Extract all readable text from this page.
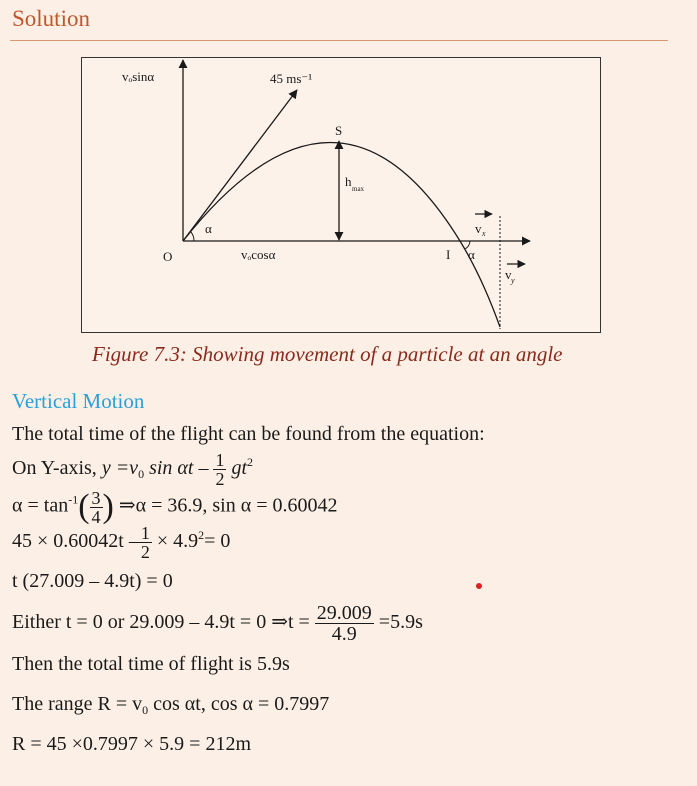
Solution
vₒsinα	45 ms⁻¹
S
h max
α
O	vₒcosα	I α
v x
v y
Figure 7.3: Showing movement of a particle at an angle
Vertical Motion
The total time of the flight can be found from the equation:
On Y-axis, $y =v_0$ sin αt – $\frac{1}{2} gt^2$
$\alpha = \tan^{-1}( \frac{3}{4}$ ) ⇒α = 36.9, sin α = 0.60042
$45 \times 0.60042t - \frac{1}{2} \times 4.9^2= 0$
t (27.009 – 4.9t) = 0
Either t = 0 or 29.009 – 4.9t = 0 ⇒t = $\frac{29.009}{4.9} =5.9s$
Then the total time of flight is 5.9s
The range $R = v_0$ cos αt, cos α = 0.7997
R = 45 ×0.7997 × 5.9 = 212m
